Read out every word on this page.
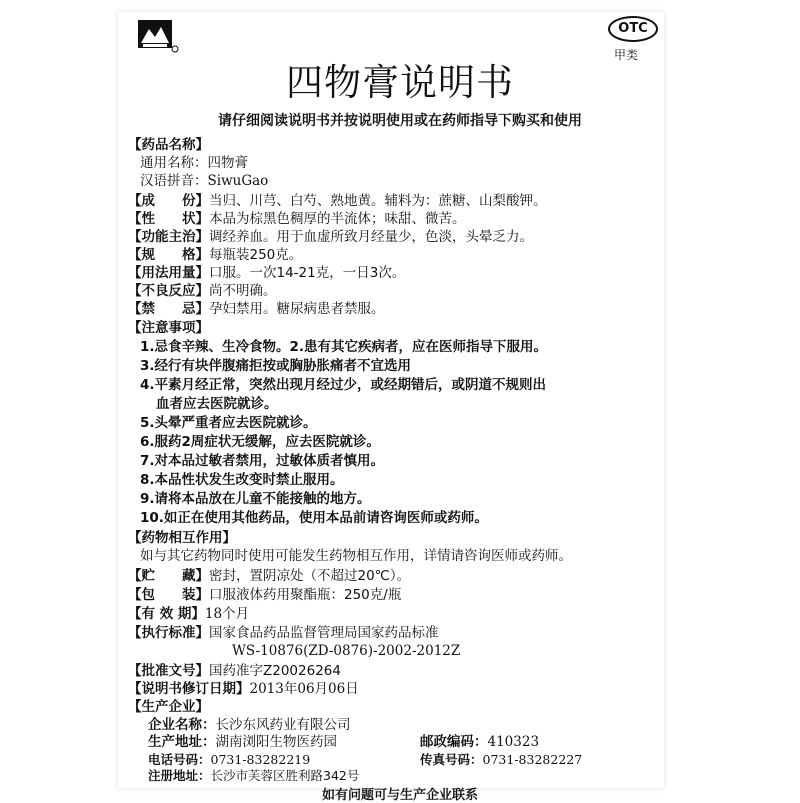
OTC
甲类
四物膏说明书
请仔细阅读说明书并按说明使用或在药师指导下购买和使用
【药品名称】
通用名称：四物膏
汉语拼音：SiwuGao
【成　　份】当归、川芎、白芍、熟地黄。辅料为：蔗糖、山梨酸钾。
【性　　状】本品为棕黑色稠厚的半流体；味甜、微苦。
【功能主治】调经养血。用于血虚所致月经量少，色淡，头晕乏力。
【规　　格】每瓶装250克。
【用法用量】口服。一次14-21克，一日3次。
【不良反应】尚不明确。
【禁　　忌】孕妇禁用。糖尿病患者禁服。
【注意事项】
1.忌食辛辣、生冷食物。2.患有其它疾病者，应在医师指导下服用。
3.经行有块伴腹痛拒按或胸胁胀痛者不宜选用
4.平素月经正常，突然出现月经过少，或经期错后，或阴道不规则出
血者应去医院就诊。
5.头晕严重者应去医院就诊。
6.服药2周症状无缓解，应去医院就诊。
7.对本品过敏者禁用，过敏体质者慎用。
8.本品性状发生改变时禁止服用。
9.请将本品放在儿童不能接触的地方。
10.如正在使用其他药品，使用本品前请咨询医师或药师。
【药物相互作用】
如与其它药物同时使用可能发生药物相互作用，详情请咨询医师或药师。
【贮　　藏】密封，置阴凉处（不超过20℃）。
【包　　装】口服液体药用聚酯瓶：250克/瓶
【有 效 期】18个月
【执行标准】国家食品药品监督管理局国家药品标准
WS-10876(ZD-0876)-2002-2012Z
【批准文号】国药准字Z20026264
【说明书修订日期】2013年06月06日
【生产企业】
企业名称：长沙东风药业有限公司
生产地址：湖南浏阳生物医药园	邮政编码：410323
电话号码：0731-83282219	传真号码：0731-83282227
注册地址：长沙市芙蓉区胜利路342号
如有问题可与生产企业联系
